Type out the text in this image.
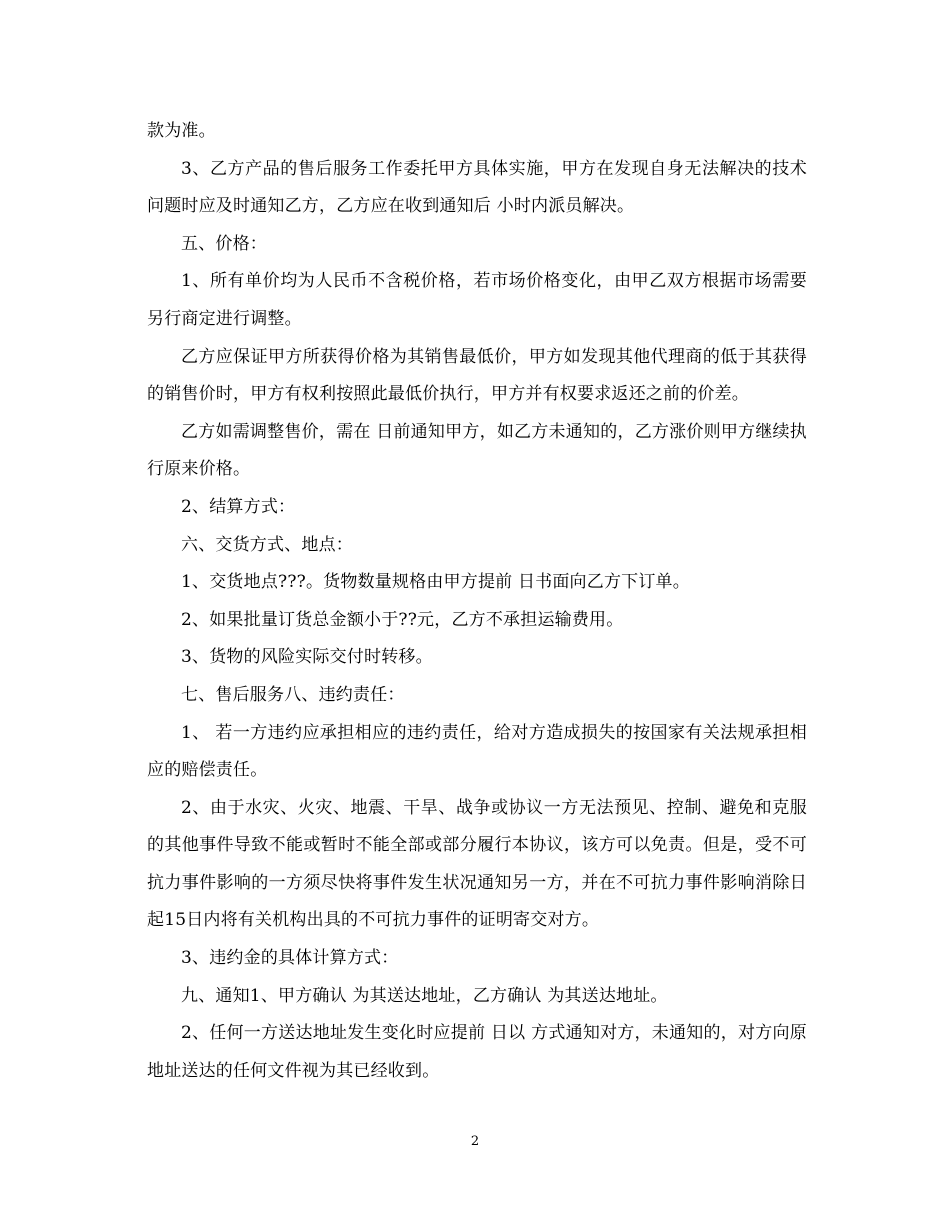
款为准。

3、乙方产品的售后服务工作委托甲方具体实施，甲方在发现自身无法解决的技术问题时应及时通知乙方，乙方应在收到通知后 小时内派员解决。

五、价格：

1、所有单价均为人民币不含税价格，若市场价格变化，由甲乙双方根据市场需要另行商定进行调整。

乙方应保证甲方所获得价格为其销售最低价，甲方如发现其他代理商的低于其获得的销售价时，甲方有权利按照此最低价执行，甲方并有权要求返还之前的价差。

乙方如需调整售价，需在 日前通知甲方，如乙方未通知的，乙方涨价则甲方继续执行原来价格。

2、结算方式：

六、交货方式、地点：

1、交货地点???。货物数量规格由甲方提前 日书面向乙方下订单。

2、如果批量订货总金额小于??元，乙方不承担运输费用。

3、货物的风险实际交付时转移。

七、售后服务八、违约责任：

1、 若一方违约应承担相应的违约责任，给对方造成损失的按国家有关法规承担相应的赔偿责任。

2、由于水灾、火灾、地震、干旱、战争或协议一方无法预见、控制、避免和克服的其他事件导致不能或暂时不能全部或部分履行本协议，该方可以免责。但是，受不可抗力事件影响的一方须尽快将事件发生状况通知另一方，并在不可抗力事件影响消除日起15日内将有关机构出具的不可抗力事件的证明寄交对方。

3、违约金的具体计算方式：

九、通知1、甲方确认 为其送达地址，乙方确认 为其送达地址。

2、任何一方送达地址发生变化时应提前 日以 方式通知对方，未通知的，对方向原地址送达的任何文件视为其已经收到。

2
